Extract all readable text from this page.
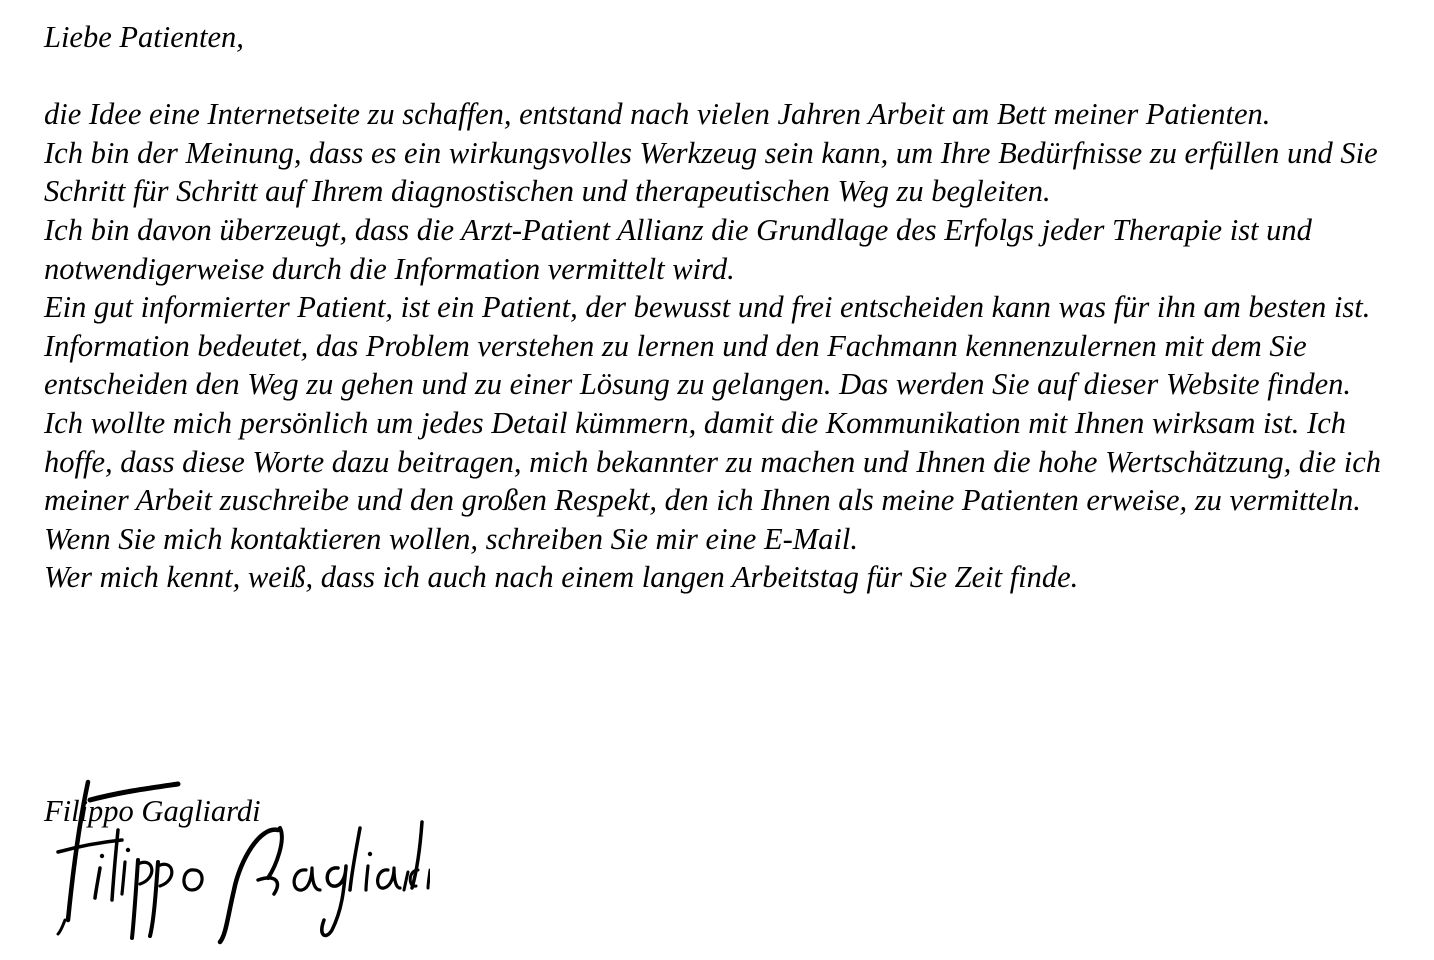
Liebe Patienten,

die Idee eine Internetseite zu schaffen, entstand nach vielen Jahren Arbeit am Bett meiner Patienten.

Ich bin der Meinung, dass es ein wirkungsvolles Werkzeug sein kann, um Ihre Bedürfnisse zu erfüllen und Sie Schritt für Schritt auf Ihrem diagnostischen und therapeutischen Weg zu begleiten.

Ich bin davon überzeugt, dass die Arzt-Patient Allianz die Grundlage des Erfolgs jeder Therapie ist und notwendigerweise durch die Information vermittelt wird.

Ein gut informierter Patient, ist ein Patient, der bewusst und frei entscheiden kann was für ihn am besten ist.

Information bedeutet, das Problem verstehen zu lernen und den Fachmann kennenzulernen mit dem Sie entscheiden den Weg zu gehen und zu einer Lösung zu gelangen. Das werden Sie auf dieser Website finden.

Ich wollte mich persönlich um jedes Detail kümmern, damit die Kommunikation mit Ihnen wirksam ist. Ich hoffe, dass diese Worte dazu beitragen, mich bekannter zu machen und Ihnen die hohe Wertschätzung, die ich meiner Arbeit zuschreibe und den großen Respekt, den ich Ihnen als meine Patienten erweise, zu vermitteln.

Wenn Sie mich kontaktieren wollen, schreiben Sie mir eine E-Mail.

Wer mich kennt, weiß, dass ich auch nach einem langen Arbeitstag für Sie Zeit finde.

Filippo Gagliardi
